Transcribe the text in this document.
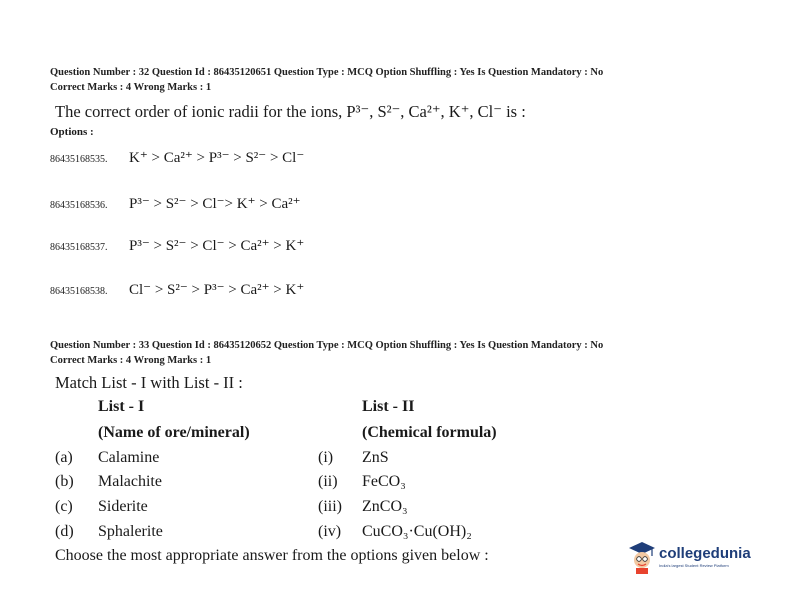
Question Number : 32 Question Id : 86435120651 Question Type : MCQ Option Shuffling : Yes Is Question Mandatory : No
Correct Marks : 4 Wrong Marks : 1
The correct order of ionic radii for the ions, P³⁻, S²⁻, Ca²⁺, K⁺, Cl⁻ is :
Options :
86435168535. K⁺ > Ca²⁺ > P³⁻ > S²⁻ > Cl⁻
86435168536. P³⁻ > S²⁻ > Cl⁻> K⁺ > Ca²⁺
86435168537. P³⁻ > S²⁻ > Cl⁻ > Ca²⁺ > K⁺
86435168538. Cl⁻ > S²⁻ > P³⁻ > Ca²⁺ > K⁺
Question Number : 33 Question Id : 86435120652 Question Type : MCQ Option Shuffling : Yes Is Question Mandatory : No
Correct Marks : 4 Wrong Marks : 1
Match List - I with List - II :
List - I	List - II
(Name of ore/mineral)	(Chemical formula)
(a) Calamine	(i) ZnS
(b) Malachite	(ii) FeCO₃
(c) Siderite	(iii) ZnCO₃
(d) Sphalerite	(iv) CuCO₃·Cu(OH)₂
Choose the most appropriate answer from the options given below :	collegedunia
India's largest Student Review Platform
